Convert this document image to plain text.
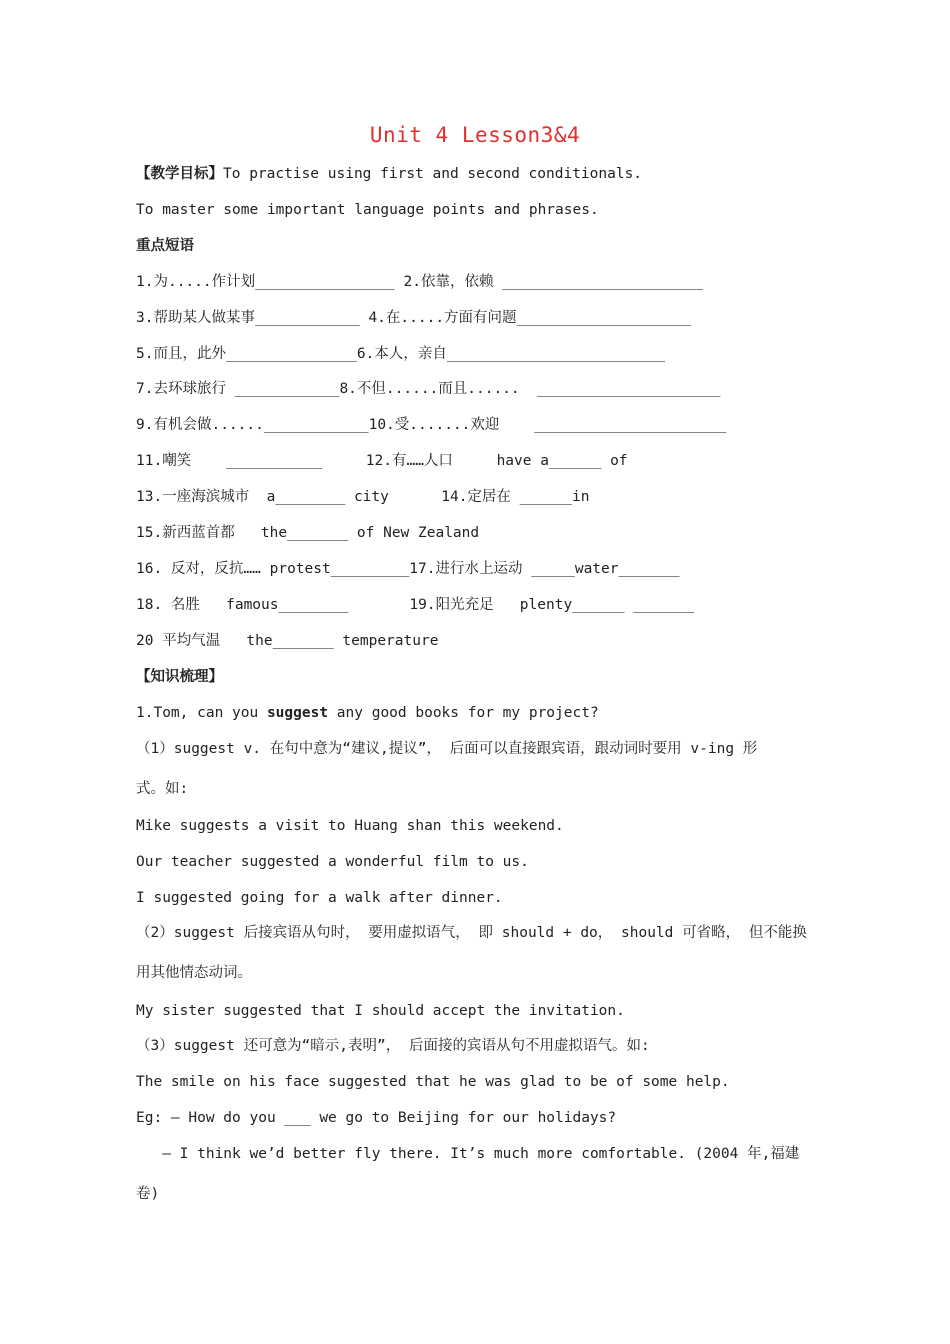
Unit 4 Lesson3&4
【教学目标】To practise using first and second conditionals.
To master some important language points and phrases.
重点短语
1.为.....作计划________________ 2.依靠，依赖 _______________________
3.帮助某人做某事____________ 4.在.....方面有问题____________________
5.而且，此外_______________6.本人，亲自_________________________
7.去环球旅行 ____________8.不但......而且......  _____________________
9.有机会做......____________10.受.......欢迎    ______________________
11.嘲笑    ___________     12.有……人口     have a______ of
13.一座海滨城市  a________ city      14.定居在 ______in
15.新西蓝首都   the_______ of New Zealand
16. 反对，反抗…… protest_________17.进行水上运动 _____water_______
18. 名胜   famous________       19.阳光充足   plenty______ _______
20 平均气温   the_______ temperature
【知识梳理】
1.Tom, can you suggest any good books for my project?
（1）suggest v. 在句中意为“建议,提议”， 后面可以直接跟宾语，跟动词时要用 v-ing 形
式。如:
Mike suggests a visit to Huang shan this weekend.
Our teacher suggested a wonderful film to us.
I suggested going for a walk after dinner.
（2）suggest 后接宾语从句时， 要用虚拟语气， 即 should + do， should 可省略， 但不能换
用其他情态动词。
My sister suggested that I should accept the invitation.
（3）suggest 还可意为“暗示,表明”， 后面接的宾语从句不用虚拟语气。如:
The smile on his face suggested that he was glad to be of some help.
Eg: — How do you ___ we go to Beijing for our holidays?
— I think we’d better fly there. It’s much more comfortable. (2004 年,福建
卷)
